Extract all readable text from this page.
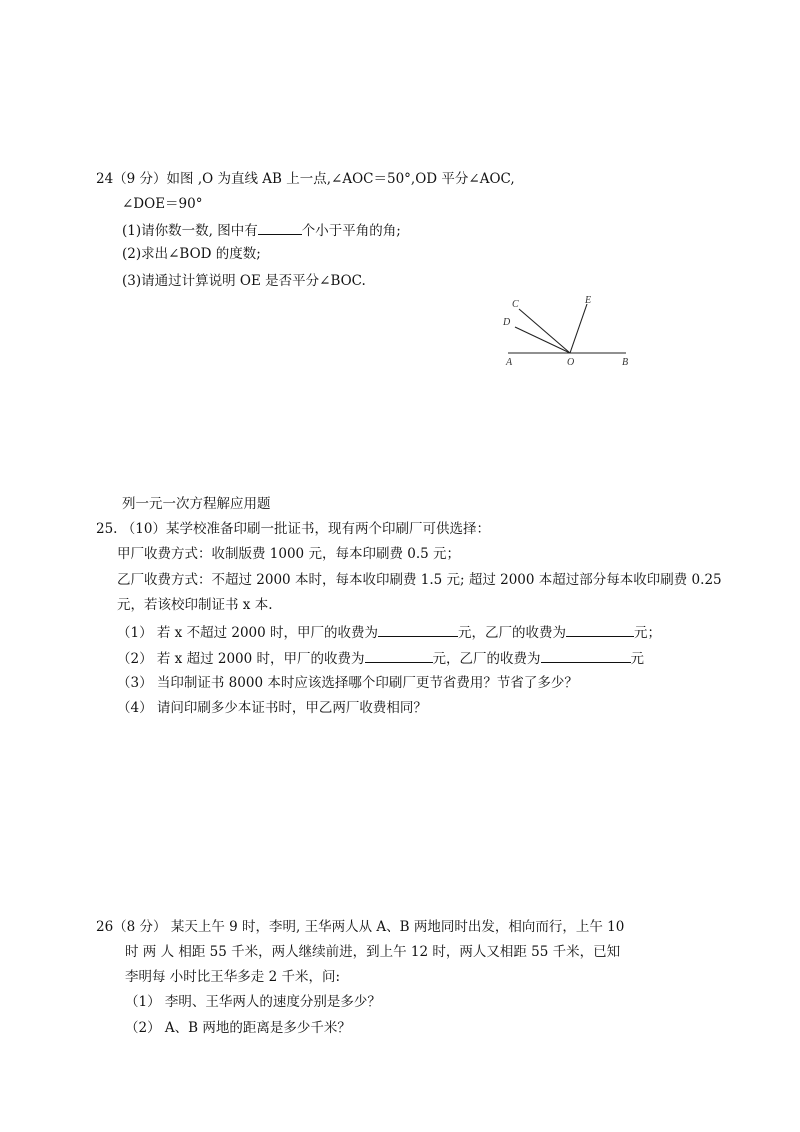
24（9 分）如图 ,O 为直线 AB 上一点,∠AOC＝50°,OD 平分∠AOC,
∠DOE＝90°
(1)请你数一数, 图中有	个小于平角的角;
(2)求出∠BOD 的度数;
(3)请通过计算说明 OE 是否平分∠BOC.
C
D
E
A	O	B
列一元一次方程解应用题
25. （10）某学校准备印刷一批证书，现有两个印刷厂可供选择：
甲厂收费方式：收制版费 1000 元，每本印刷费 0.5 元；
乙厂收费方式：不超过 2000 本时，每本收印刷费 1.5 元; 超过 2000 本超过部分每本收印刷费 0.25
元，若该校印制证书 x 本.
（1） 若 x 不超过 2000 时，甲厂的收费为	元，乙厂的收费为	元；
（2） 若 x 超过 2000 时，甲厂的收费为	元，乙厂的收费为	元
（3） 当印制证书 8000 本时应该选择哪个印刷厂更节省费用？节省了多少？
（4） 请问印刷多少本证书时，甲乙两厂收费相同？
26（8 分） 某天上午 9 时，李明, 王华两人从 A、B 两地同时出发，相向而行，上午 10
时 两 人 相距 55 千米，两人继续前进，到上午 12 时，两人又相距 55 千米，已知
李明每 小时比王华多走 2 千米，问:
（1） 李明、王华两人的速度分别是多少？
（2） A、B 两地的距离是多少千米？
